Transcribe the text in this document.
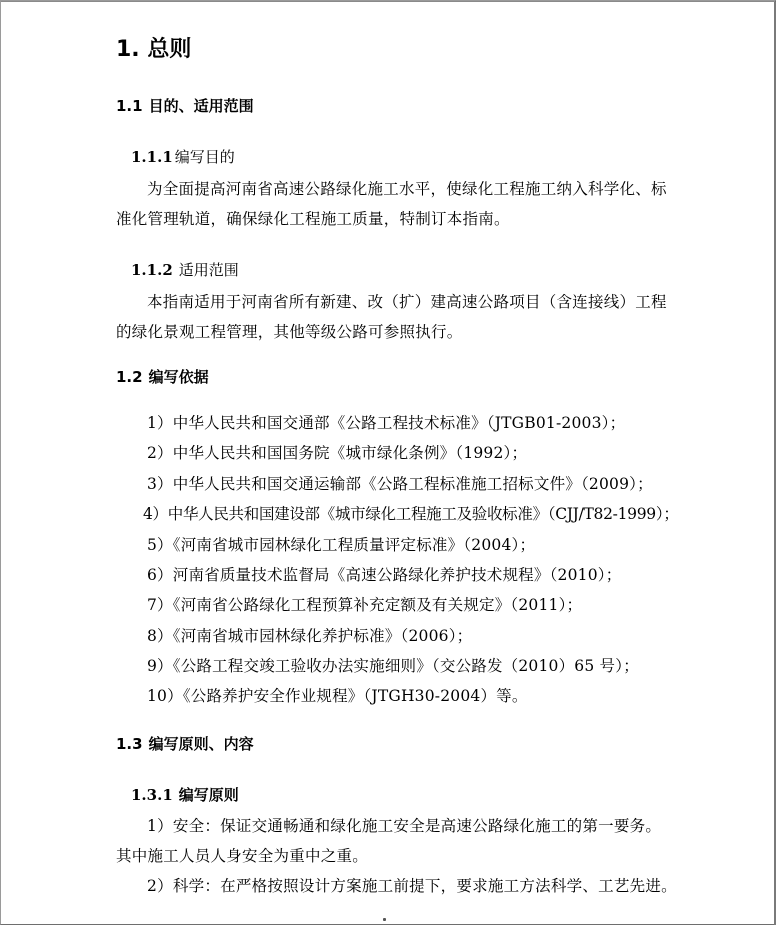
1. 总则
1.1 目的、适用范围
1.1.1 编写目的
为全面提高河南省高速公路绿化施工水平，使绿化工程施工纳入科学化、标
准化管理轨道，确保绿化工程施工质量，特制订本指南。
1.1.2 适用范围
本指南适用于河南省所有新建、改（扩）建高速公路项目（含连接线）工程
的绿化景观工程管理，其他等级公路可参照执行。
1.2 编写依据
1）中华人民共和国交通部《公路工程技术标准》（JTGB01-2003）；
2）中华人民共和国国务院《城市绿化条例》（1992）；
3）中华人民共和国交通运输部《公路工程标准施工招标文件》（2009）；
4）中华人民共和国建设部《城市绿化工程施工及验收标准》（CJJ/T82-1999）；
5）《河南省城市园林绿化工程质量评定标准》（2004）；
6）河南省质量技术监督局《高速公路绿化养护技术规程》（2010）；
7）《河南省公路绿化工程预算补充定额及有关规定》（2011）；
8）《河南省城市园林绿化养护标准》（2006）；
9）《公路工程交竣工验收办法实施细则》（交公路发（2010）65 号）；
10）《公路养护安全作业规程》（JTGH30-2004）等。
1.3 编写原则、内容
1.3.1 编写原则
1）安全：保证交通畅通和绿化施工安全是高速公路绿化施工的第一要务。
其中施工人员人身安全为重中之重。
2）科学：在严格按照设计方案施工前提下，要求施工方法科学、工艺先进。
